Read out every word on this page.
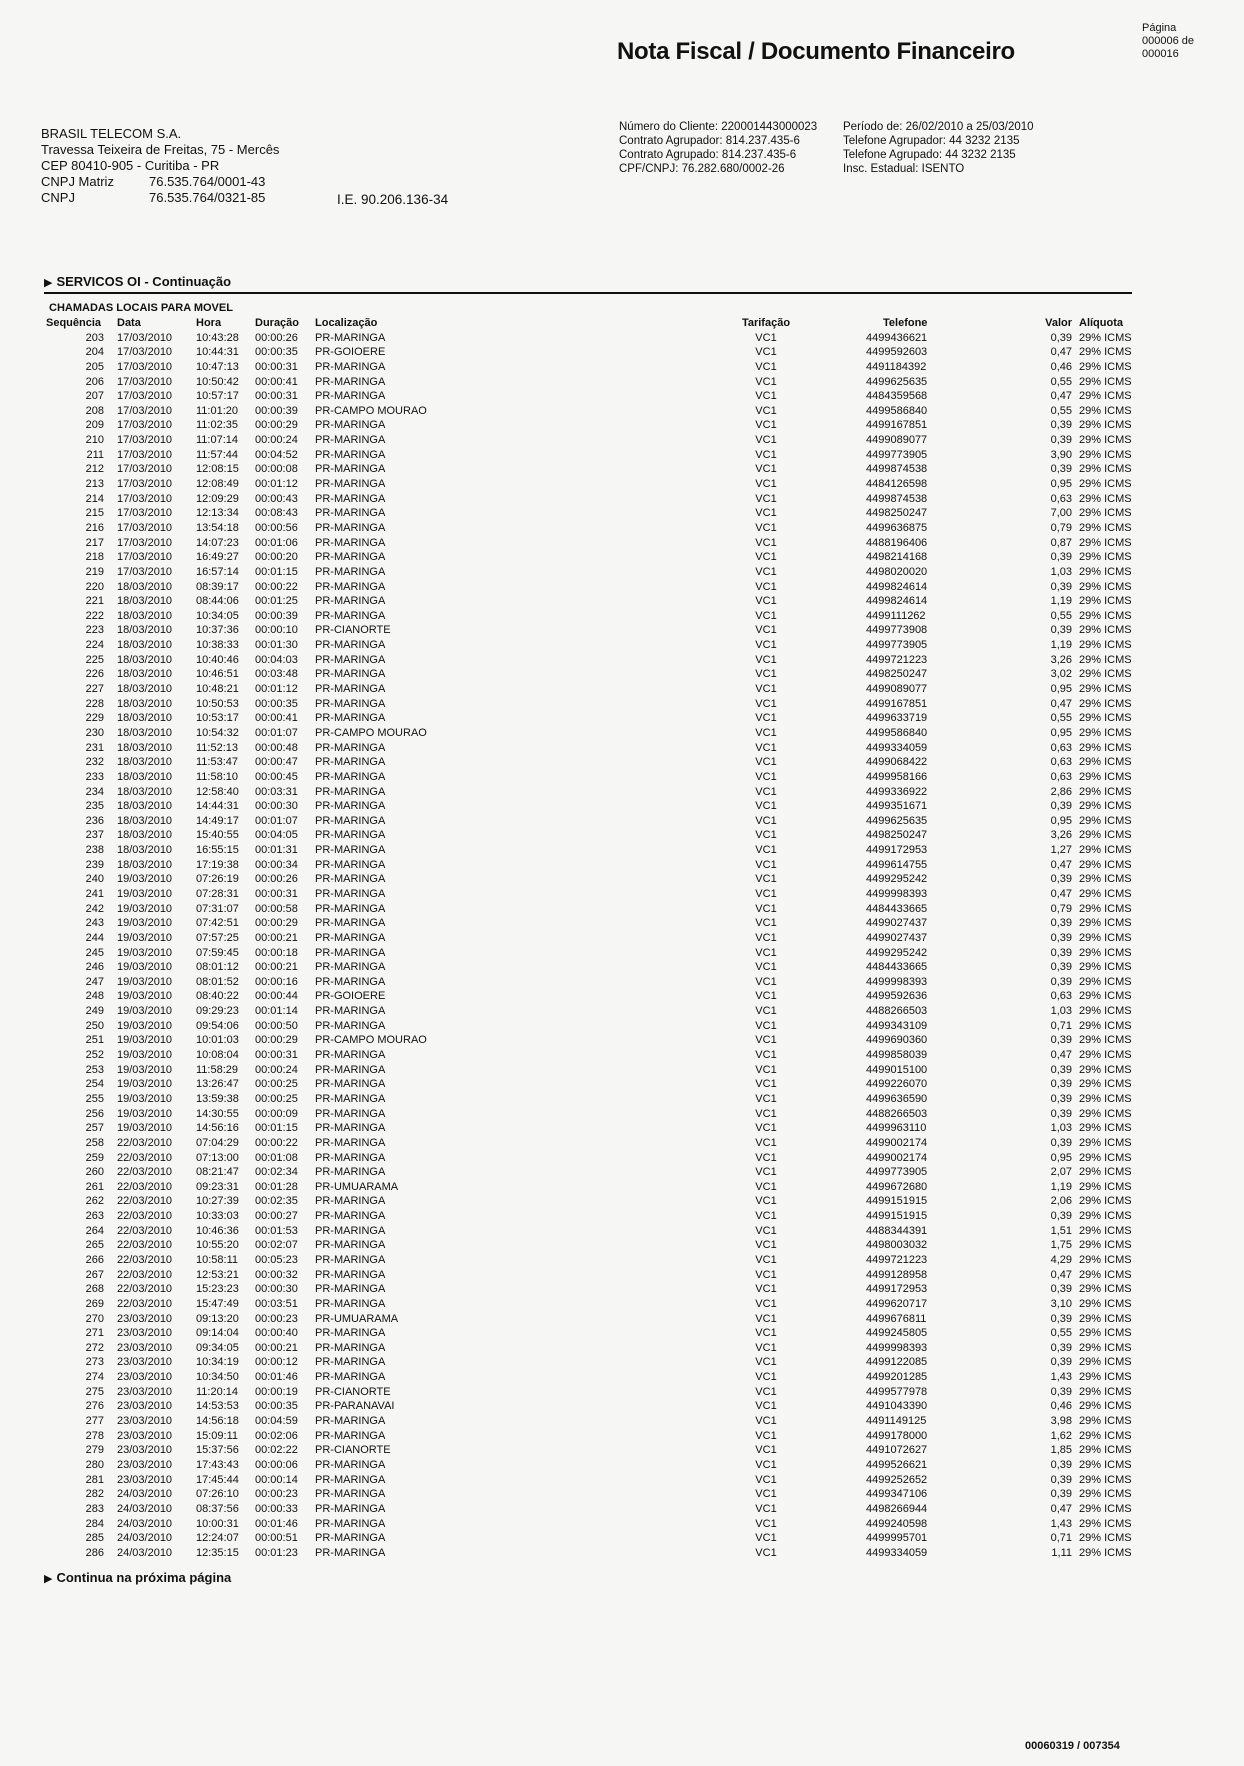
Nota Fiscal / Documento Financeiro
Página
000006 de
000016
BRASIL TELECOM S.A.
Travessa Teixeira de Freitas, 75 - Mercês
CEP 80410-905 - Curitiba - PR
CNPJ Matriz	76.535.764/0001-43
CNPJ	76.535.764/0321-85	I.E. 90.206.136-34
Número do Cliente: 220001443000023
Contrato Agrupador: 814.237.435-6
Contrato Agrupado: 814.237.435-6
CPF/CNPJ: 76.282.680/0002-26
Período de: 26/02/2010 a 25/03/2010
Telefone Agrupador: 44 3232 2135
Telefone Agrupado: 44 3232 2135
Insc. Estadual: ISENTO
▶ SERVICOS OI - Continuação
CHAMADAS LOCAIS PARA MOVEL
Sequência	Data	Hora	Duração Localização	Tarifação	Telefone	Valor Alíquota
203 17/03/2010 10:43:28 00:00:26 PR-MARINGA	VC1	4499436621	0,39 29% ICMS
204 17/03/2010 10:44:31 00:00:35 PR-GOIOERE	VC1	4499592603	0,47 29% ICMS
205 17/03/2010 10:47:13 00:00:31 PR-MARINGA	VC1	4491184392	0,46 29% ICMS
206 17/03/2010 10:50:42 00:00:41 PR-MARINGA	VC1	4499625635	0,55 29% ICMS
207 17/03/2010 10:57:17 00:00:31 PR-MARINGA	VC1	4484359568	0,47 29% ICMS
208 17/03/2010 11:01:20 00:00:39 PR-CAMPO MOURAO	VC1	4499586840	0,55 29% ICMS
209 17/03/2010 11:02:35 00:00:29 PR-MARINGA	VC1	4499167851	0,39 29% ICMS
210 17/03/2010 11:07:14 00:00:24 PR-MARINGA	VC1	4499089077	0,39 29% ICMS
211 17/03/2010 11:57:44 00:04:52 PR-MARINGA	VC1	4499773905	3,90 29% ICMS
212 17/03/2010 12:08:15 00:00:08 PR-MARINGA	VC1	4499874538	0,39 29% ICMS
213 17/03/2010 12:08:49 00:01:12 PR-MARINGA	VC1	4484126598	0,95 29% ICMS
214 17/03/2010 12:09:29 00:00:43 PR-MARINGA	VC1	4499874538	0,63 29% ICMS
215 17/03/2010 12:13:34 00:08:43 PR-MARINGA	VC1	4498250247	7,00 29% ICMS
216 17/03/2010 13:54:18 00:00:56 PR-MARINGA	VC1	4499636875	0,79 29% ICMS
217 17/03/2010 14:07:23 00:01:06 PR-MARINGA	VC1	4488196406	0,87 29% ICMS
218 17/03/2010 16:49:27 00:00:20 PR-MARINGA	VC1	4498214168	0,39 29% ICMS
219 17/03/2010 16:57:14 00:01:15 PR-MARINGA	VC1	4498020020	1,03 29% ICMS
220 18/03/2010 08:39:17 00:00:22 PR-MARINGA	VC1	4499824614	0,39 29% ICMS
221 18/03/2010 08:44:06 00:01:25 PR-MARINGA	VC1	4499824614	1,19 29% ICMS
222 18/03/2010 10:34:05 00:00:39 PR-MARINGA	VC1	4499111262	0,55 29% ICMS
223 18/03/2010 10:37:36 00:00:10 PR-CIANORTE	VC1	4499773908	0,39 29% ICMS
224 18/03/2010 10:38:33 00:01:30 PR-MARINGA	VC1	4499773905	1,19 29% ICMS
225 18/03/2010 10:40:46 00:04:03 PR-MARINGA	VC1	4499721223	3,26 29% ICMS
226 18/03/2010 10:46:51 00:03:48 PR-MARINGA	VC1	4498250247	3,02 29% ICMS
227 18/03/2010 10:48:21 00:01:12 PR-MARINGA	VC1	4499089077	0,95 29% ICMS
228 18/03/2010 10:50:53 00:00:35 PR-MARINGA	VC1	4499167851	0,47 29% ICMS
229 18/03/2010 10:53:17 00:00:41 PR-MARINGA	VC1	4499633719	0,55 29% ICMS
230 18/03/2010 10:54:32 00:01:07 PR-CAMPO MOURAO	VC1	4499586840	0,95 29% ICMS
231 18/03/2010 11:52:13 00:00:48 PR-MARINGA	VC1	4499334059	0,63 29% ICMS
232 18/03/2010 11:53:47 00:00:47 PR-MARINGA	VC1	4499068422	0,63 29% ICMS
233 18/03/2010 11:58:10 00:00:45 PR-MARINGA	VC1	4499958166	0,63 29% ICMS
234 18/03/2010 12:58:40 00:03:31 PR-MARINGA	VC1	4499336922	2,86 29% ICMS
235 18/03/2010 14:44:31 00:00:30 PR-MARINGA	VC1	4499351671	0,39 29% ICMS
236 18/03/2010 14:49:17 00:01:07 PR-MARINGA	VC1	4499625635	0,95 29% ICMS
237 18/03/2010 15:40:55 00:04:05 PR-MARINGA	VC1	4498250247	3,26 29% ICMS
238 18/03/2010 16:55:15 00:01:31 PR-MARINGA	VC1	4499172953	1,27 29% ICMS
239 18/03/2010 17:19:38 00:00:34 PR-MARINGA	VC1	4499614755	0,47 29% ICMS
240 19/03/2010 07:26:19 00:00:26 PR-MARINGA	VC1	4499295242	0,39 29% ICMS
241 19/03/2010 07:28:31 00:00:31 PR-MARINGA	VC1	4499998393	0,47 29% ICMS
242 19/03/2010 07:31:07 00:00:58 PR-MARINGA	VC1	4484433665	0,79 29% ICMS
243 19/03/2010 07:42:51 00:00:29 PR-MARINGA	VC1	4499027437	0,39 29% ICMS
244 19/03/2010 07:57:25 00:00:21 PR-MARINGA	VC1	4499027437	0,39 29% ICMS
245 19/03/2010 07:59:45 00:00:18 PR-MARINGA	VC1	4499295242	0,39 29% ICMS
246 19/03/2010 08:01:12 00:00:21 PR-MARINGA	VC1	4484433665	0,39 29% ICMS
247 19/03/2010 08:01:52 00:00:16 PR-MARINGA	VC1	4499998393	0,39 29% ICMS
248 19/03/2010 08:40:22 00:00:44 PR-GOIOERE	VC1	4499592636	0,63 29% ICMS
249 19/03/2010 09:29:23 00:01:14 PR-MARINGA	VC1	4488266503	1,03 29% ICMS
250 19/03/2010 09:54:06 00:00:50 PR-MARINGA	VC1	4499343109	0,71 29% ICMS
251 19/03/2010 10:01:03 00:00:29 PR-CAMPO MOURAO	VC1	4499690360	0,39 29% ICMS
252 19/03/2010 10:08:04 00:00:31 PR-MARINGA	VC1	4499858039	0,47 29% ICMS
253 19/03/2010 11:58:29 00:00:24 PR-MARINGA	VC1	4499015100	0,39 29% ICMS
254 19/03/2010 13:26:47 00:00:25 PR-MARINGA	VC1	4499226070	0,39 29% ICMS
255 19/03/2010 13:59:38 00:00:25 PR-MARINGA	VC1	4499636590	0,39 29% ICMS
256 19/03/2010 14:30:55 00:00:09 PR-MARINGA	VC1	4488266503	0,39 29% ICMS
257 19/03/2010 14:56:16 00:01:15 PR-MARINGA	VC1	4499963110	1,03 29% ICMS
258 22/03/2010 07:04:29 00:00:22 PR-MARINGA	VC1	4499002174	0,39 29% ICMS
259 22/03/2010 07:13:00 00:01:08 PR-MARINGA	VC1	4499002174	0,95 29% ICMS
260 22/03/2010 08:21:47 00:02:34 PR-MARINGA	VC1	4499773905	2,07 29% ICMS
261 22/03/2010 09:23:31 00:01:28 PR-UMUARAMA	VC1	4499672680	1,19 29% ICMS
262 22/03/2010 10:27:39 00:02:35 PR-MARINGA	VC1	4499151915	2,06 29% ICMS
263 22/03/2010 10:33:03 00:00:27 PR-MARINGA	VC1	4499151915	0,39 29% ICMS
264 22/03/2010 10:46:36 00:01:53 PR-MARINGA	VC1	4488344391	1,51 29% ICMS
265 22/03/2010 10:55:20 00:02:07 PR-MARINGA	VC1	4498003032	1,75 29% ICMS
266 22/03/2010 10:58:11 00:05:23 PR-MARINGA	VC1	4499721223	4,29 29% ICMS
267 22/03/2010 12:53:21 00:00:32 PR-MARINGA	VC1	4499128958	0,47 29% ICMS
268 22/03/2010 15:23:23 00:00:30 PR-MARINGA	VC1	4499172953	0,39 29% ICMS
269 22/03/2010 15:47:49 00:03:51 PR-MARINGA	VC1	4499620717	3,10 29% ICMS
270 23/03/2010 09:13:20 00:00:23 PR-UMUARAMA	VC1	4499676811	0,39 29% ICMS
271 23/03/2010 09:14:04 00:00:40 PR-MARINGA	VC1	4499245805	0,55 29% ICMS
272 23/03/2010 09:34:05 00:00:21 PR-MARINGA	VC1	4499998393	0,39 29% ICMS
273 23/03/2010 10:34:19 00:00:12 PR-MARINGA	VC1	4499122085	0,39 29% ICMS
274 23/03/2010 10:34:50 00:01:46 PR-MARINGA	VC1	4499201285	1,43 29% ICMS
275 23/03/2010 11:20:14 00:00:19 PR-CIANORTE	VC1	4499577978	0,39 29% ICMS
276 23/03/2010 14:53:53 00:00:35 PR-PARANAVAI	VC1	4491043390	0,46 29% ICMS
277 23/03/2010 14:56:18 00:04:59 PR-MARINGA	VC1	4491149125	3,98 29% ICMS
278 23/03/2010 15:09:11 00:02:06 PR-MARINGA	VC1	4499178000	1,62 29% ICMS
279 23/03/2010 15:37:56 00:02:22 PR-CIANORTE	VC1	4491072627	1,85 29% ICMS
280 23/03/2010 17:43:43 00:00:06 PR-MARINGA	VC1	4499526621	0,39 29% ICMS
281 23/03/2010 17:45:44 00:00:14 PR-MARINGA	VC1	4499252652	0,39 29% ICMS
282 24/03/2010 07:26:10 00:00:23 PR-MARINGA	VC1	4499347106	0,39 29% ICMS
283 24/03/2010 08:37:56 00:00:33 PR-MARINGA	VC1	4498266944	0,47 29% ICMS
284 24/03/2010 10:00:31 00:01:46 PR-MARINGA	VC1	4499240598	1,43 29% ICMS
285 24/03/2010 12:24:07 00:00:51 PR-MARINGA	VC1	4499995701	0,71 29% ICMS
286 24/03/2010 12:35:15 00:01:23 PR-MARINGA	VC1	4499334059	1,11 29% ICMS
▶ Continua na próxima página
00060319 / 007354
